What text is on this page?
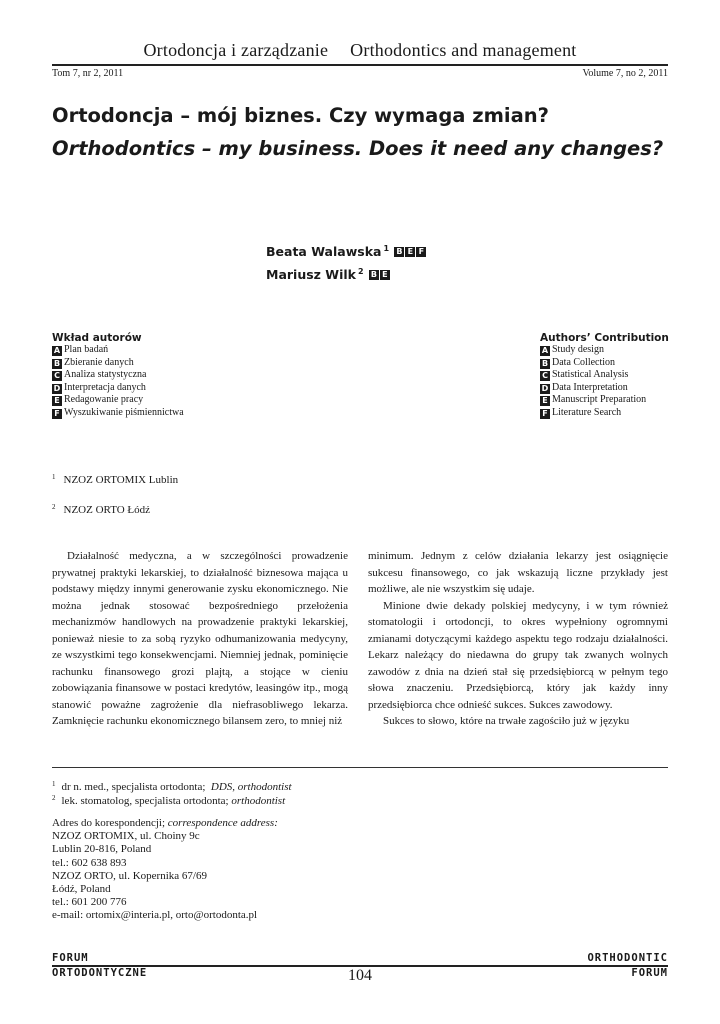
Ortodoncja i zarządzanie Orthodontics and management
Tom 7, nr 2, 2011	Volume 7, no 2, 2011
Ortodoncja – mój biznes. Czy wymaga zmian?
Orthodontics – my business. Does it need any changes?
Beata Walawska $^1$ B E F
Mariusz Wilk $^2$ B E
Wkład autorów
A Plan badań
B Zbieranie danych
C Analiza statystyczna
D Interpretacja danych
E Redagowanie pracy
F Wyszukiwanie piśmiennictwa
Authors’ Contribution
A Study design
B Data Collection
C Statistical Analysis
D Data Interpretation
E Manuscript Preparation
F Literature Search
$^1$ NZOZ ORTOMIX Lublin
$^2$ NZOZ ORTO Łódź

Działalność medyczna, a w szczególności prowadzenie prywatnej praktyki lekarskiej, to działalność biznesowa mająca u podstawy między innymi generowanie zysku ekonomicznego. Nie można jednak stosować bezpośredniego przełożenia mechanizmów handlowych na prowadzenie praktyki lekarskiej, ponieważ niesie to za sobą ryzyko odhumanizowania medycyny, ze wszystkimi tego konsekwencjami. Niemniej jednak, pominięcie rachunku finansowego grozi plajtą, a stojące w cieniu zobowiązania finansowe w postaci kredytów, leasingów itp., mogą stanowić poważne zagrożenie dla niefrasobliwego lekarza. Zamknięcie rachunku ekonomicznego bilansem zero, to mniej niż

minimum. Jednym z celów działania lekarzy jest osiągnięcie sukcesu finansowego, co jak wskazują liczne przykłady jest możliwe, ale nie wszystkim się udaje.

Minione dwie dekady polskiej medycyny, i w tym również stomatologii i ortodoncji, to okres wypełniony ogromnymi zmianami dotyczącymi każdego aspektu tego rodzaju działalności. Lekarz należący do niedawna do grupy tak zwanych wolnych zawodów z dnia na dzień stał się przedsiębiorcą w pełnym tego słowa znaczeniu. Przedsiębiorcą, który jak każdy inny przedsiębiorca chce odnieść sukces. Sukces zawodowy.

Sukces to słowo, które na trwałe zagościło już w języku

$^1$ dr n. med., specjalista ortodonta; DDS, orthodontist
$^2$ lek. stomatolog, specjalista ortodonta; orthodontist
Adres do korespondencji; correspondence address:
NZOZ ORTOMIX, ul. Choiny 9c
Lublin 20-816, Poland
tel.: 602 638 893
NZOZ ORTO, ul. Kopernika 67/69
Łódź, Poland
tel.: 601 200 776
e-mail: ortomix@interia.pl, orto@ortodonta.pl
FORUM
ORTODONTYCZNE
ORTHODONTIC
FORUM
104
